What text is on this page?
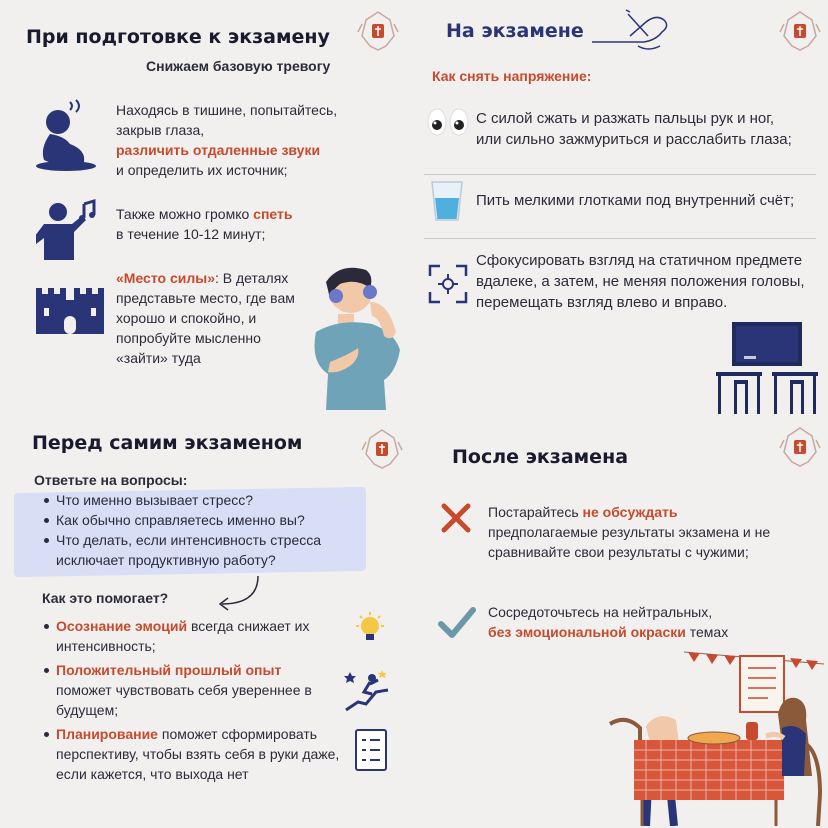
При подготовке к экзамену
Снижаем базовую тревогу
Находясь в тишине, попытайтесь, закрыв глаза,
различить отдаленные звуки
и определить их источник;
Также можно громко спеть
в течение 10-12 минут;
«Место силы»: В деталях представьте место, где вам хорошо и спокойно, и попробуйте мысленно «зайти» туда
На экзамене
Как снять напряжение:
С силой сжать и разжать пальцы рук и ног, или сильно зажмуриться и расслабить глаза;
Пить мелкими глотками под внутренний счёт;
Сфокусировать взгляд на статичном предмете вдалеке, а затем, не меняя положения головы, перемещать взгляд влево и вправо.
Перед самим экзаменом
Ответьте на вопросы:
Что именно вызывает стресс?
Как обычно справляетесь именно вы?
Что делать, если интенсивность стресса исключает продуктивную работу?
Как это помогает?
Осознание эмоций всегда снижает их интенсивность;
Положительный прошлый опыт
поможет чувствовать себя увереннее в будущем;
Планирование поможет сформировать перспективу, чтобы взять себя в руки даже, если кажется, что выхода нет
После экзамена
Постарайтесь не обсуждать
предполагаемые результаты экзамена и не сравнивайте свои результаты с чужими;
Сосредоточьтесь на нейтральных,
без эмоциональной окраски темах
